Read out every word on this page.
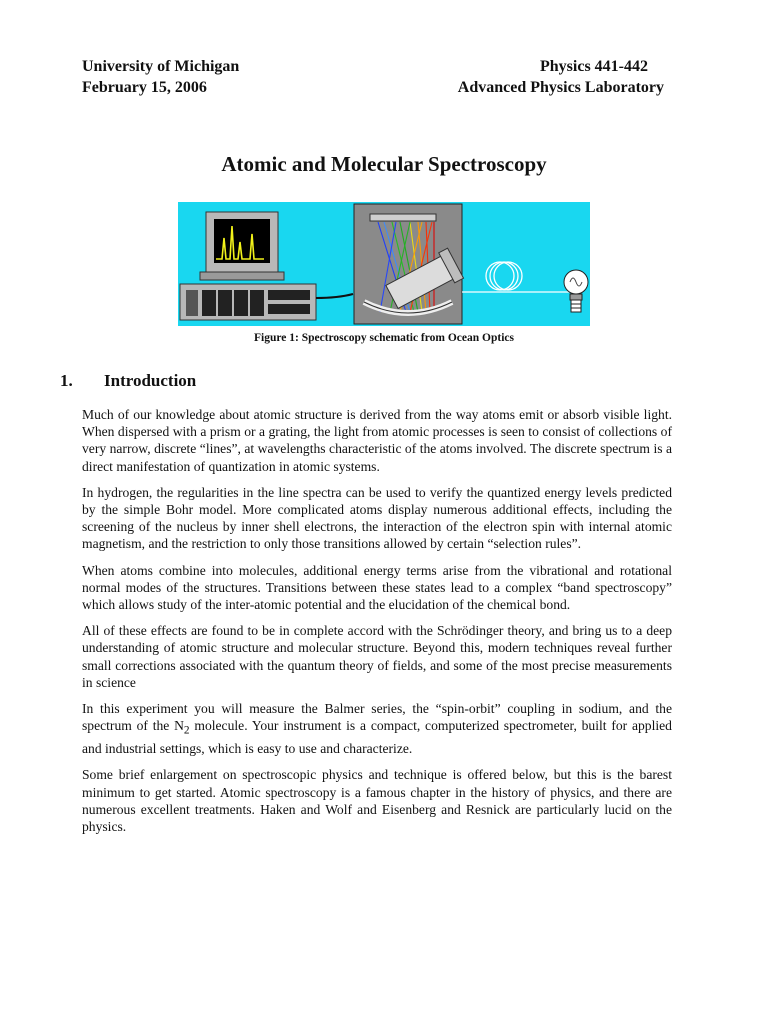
University of Michigan	Physics 441-442
February 15, 2006	Advanced Physics Laboratory
Atomic and Molecular Spectroscopy
Figure 1: Spectroscopy schematic from Ocean Optics
1. Introduction

Much of our knowledge about atomic structure is derived from the way atoms emit or absorb visible light. When dispersed with a prism or a grating, the light from atomic processes is seen to consist of collections of very narrow, discrete “lines”, at wavelengths characteristic of the atoms involved. The discrete spectrum is a direct manifestation of quantization in atomic systems.

In hydrogen, the regularities in the line spectra can be used to verify the quantized energy levels predicted by the simple Bohr model. More complicated atoms display numerous additional effects, including the screening of the nucleus by inner shell electrons, the interaction of the electron spin with internal atomic magnetism, and the restriction to only those transitions allowed by certain “selection rules”.

When atoms combine into molecules, additional energy terms arise from the vibrational and rotational normal modes of the structures. Transitions between these states lead to a complex “band spectroscopy” which allows study of the inter-atomic potential and the elucidation of the chemical bond.

All of these effects are found to be in complete accord with the Schrödinger theory, and bring us to a deep understanding of atomic structure and molecular structure. Beyond this, modern techniques reveal further small corrections associated with the quantum theory of fields, and some of the most precise measurements in science

In this experiment you will measure the Balmer series, the “spin-orbit” coupling in sodium, and the spectrum of the $N_2$ molecule. Your instrument is a compact, computerized spectrometer, built for applied and industrial settings, which is easy to use and characterize.

Some brief enlargement on spectroscopic physics and technique is offered below, but this is the barest minimum to get started. Atomic spectroscopy is a famous chapter in the history of physics, and there are numerous excellent treatments. Haken and Wolf and Eisenberg and Resnick are particularly lucid on the physics.
